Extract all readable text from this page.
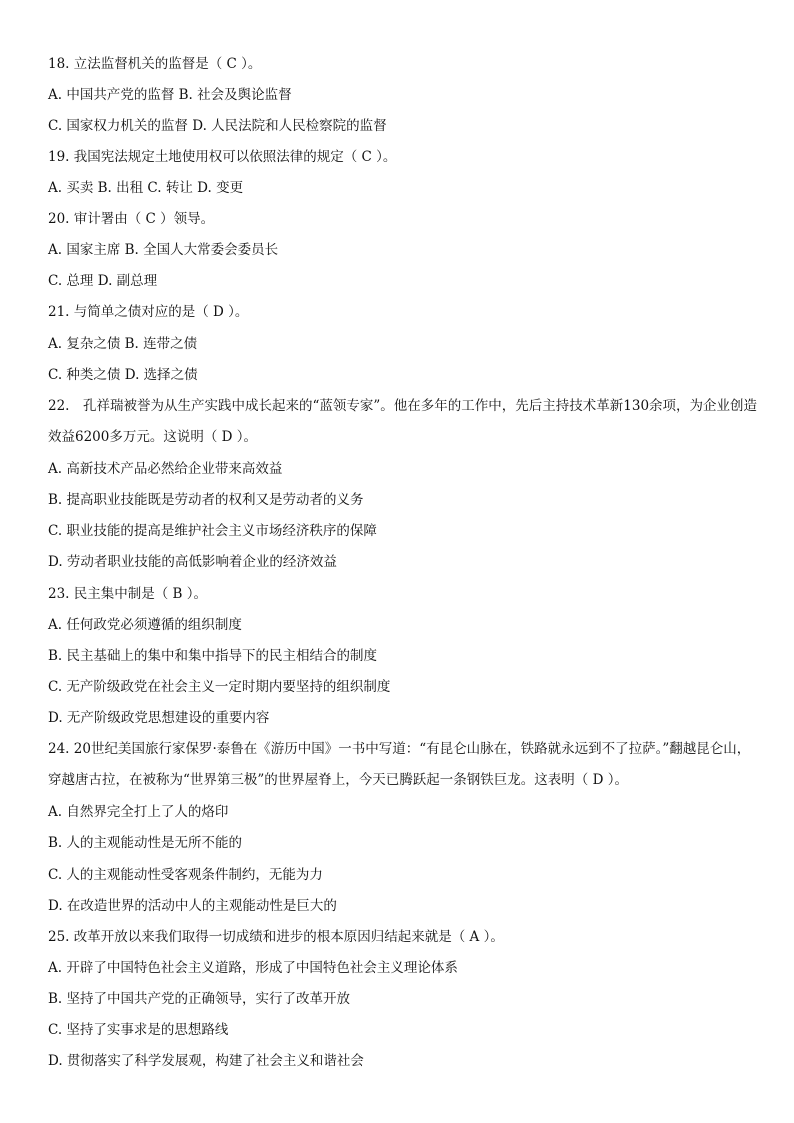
18. 立法监督机关的监督是（ C ）。
A. 中国共产党的监督 B. 社会及舆论监督
C. 国家权力机关的监督 D. 人民法院和人民检察院的监督
19. 我国宪法规定土地使用权可以依照法律的规定（ C ）。
A. 买卖 B. 出租 C. 转让 D. 变更
20. 审计署由（ C ）领导。
A. 国家主席 B. 全国人大常委会委员长
C. 总理 D. 副总理
21. 与简单之债对应的是（ D ）。
A. 复杂之债 B. 连带之债
C. 种类之债 D. 选择之债
22.　孔祥瑞被誉为从生产实践中成长起来的“蓝领专家”。他在多年的工作中，先后主持技术革新130余项，为企业创造效益6200多万元。这说明（ D ）。
A. 高新技术产品必然给企业带来高效益
B. 提高职业技能既是劳动者的权利又是劳动者的义务
C. 职业技能的提高是维护社会主义市场经济秩序的保障
D. 劳动者职业技能的高低影响着企业的经济效益
23. 民主集中制是（ B ）。
A. 任何政党必须遵循的组织制度
B. 民主基础上的集中和集中指导下的民主相结合的制度
C. 无产阶级政党在社会主义一定时期内要坚持的组织制度
D. 无产阶级政党思想建设的重要内容
24. 20世纪美国旅行家保罗·泰鲁在《游历中国》一书中写道：“有昆仑山脉在，铁路就永远到不了拉萨。”翻越昆仑山，穿越唐古拉，在被称为“世界第三极”的世界屋脊上，今天已腾跃起一条钢铁巨龙。这表明（ D ）。
A. 自然界完全打上了人的烙印
B. 人的主观能动性是无所不能的
C. 人的主观能动性受客观条件制约，无能为力
D. 在改造世界的活动中人的主观能动性是巨大的
25. 改革开放以来我们取得一切成绩和进步的根本原因归结起来就是（ A ）。
A. 开辟了中国特色社会主义道路，形成了中国特色社会主义理论体系
B. 坚持了中国共产党的正确领导，实行了改革开放
C. 坚持了实事求是的思想路线
D. 贯彻落实了科学发展观，构建了社会主义和谐社会
